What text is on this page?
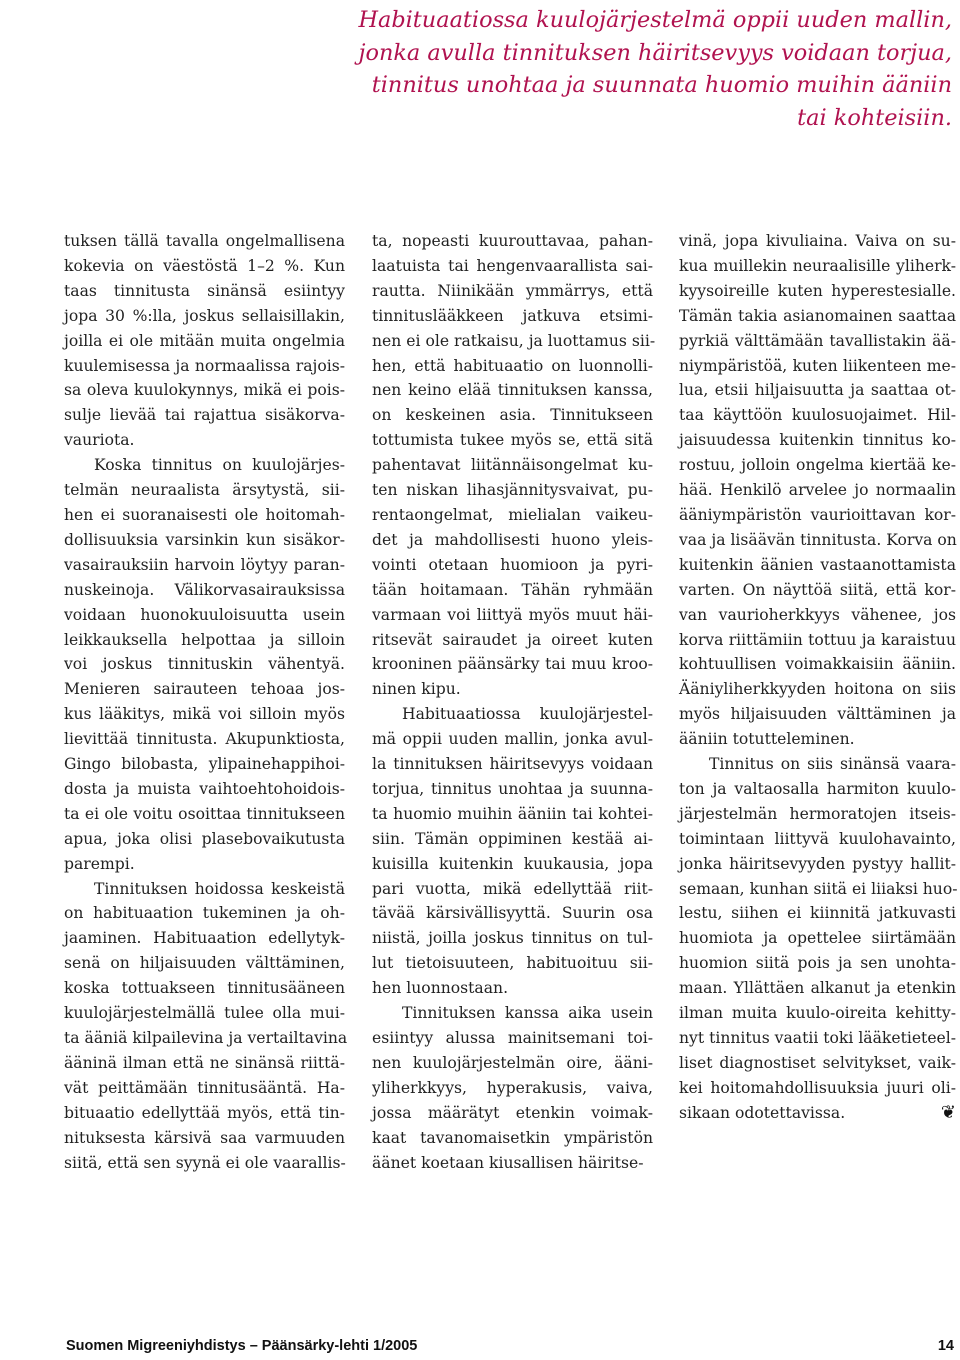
Habituaatiossa kuulojärjestelmä oppii uuden mallin,
jonka avulla tinnituksen häiritsevyys voidaan torjua,
tinnitus unohtaa ja suunnata huomio muihin ääniin
tai kohteisiin.

tuksen tällä tavalla ongelmallisena
kokevia on väestöstä 1–2 %. Kun
taas tinnitusta sinänsä esiintyy
jopa 30 %:lla, joskus sellaisillakin,
joilla ei ole mitään muita ongelmia
kuulemisessa ja normaalissa rajois-
sa oleva kuulokynnys, mikä ei pois-
sulje lievää tai rajattua sisäkorva-
vauriota.

Koska tinnitus on kuulojärjes-
telmän neuraalista ärsytystä, sii-
hen ei suoranaisesti ole hoitomah-
dollisuuksia varsinkin kun sisäkor-
vasairauksiin harvoin löytyy paran-
nuskeinoja. Välikorvasairauksissa
voidaan huonokuuloisuutta usein
leikkauksella helpottaa ja silloin
voi joskus tinnituskin vähentyä.
Menieren sairauteen tehoaa jos-
kus lääkitys, mikä voi silloin myös
lievittää tinnitusta. Akupunktiosta,
Gingo bilobasta, ylipainehappihoi-
dosta ja muista vaihtoehtohoidois-
ta ei ole voitu osoittaa tinnitukseen
apua, joka olisi plasebovaikutusta
parempi.

Tinnituksen hoidossa keskeistä
on habituaation tukeminen ja oh-
jaaminen. Habituaation edellytyk-
senä on hiljaisuuden välttäminen,
koska tottuakseen tinnitusääneen
kuulojärjestelmällä tulee olla mui-
ta ääniä kilpailevina ja vertailtavina
ääninä ilman että ne sinänsä riittä-
vät peittämään tinnitusääntä. Ha-
bituaatio edellyttää myös, että tin-
nituksesta kärsivä saa varmuuden
siitä, että sen syynä ei ole vaarallis-

ta, nopeasti kuurouttavaa, pahan-
laatuista tai hengenvaarallista sai-
rautta. Niinikään ymmärrys, että
tinnituslääkkeen jatkuva etsimi-
nen ei ole ratkaisu, ja luottamus sii-
hen, että habituaatio on luonnolli-
nen keino elää tinnituksen kanssa,
on keskeinen asia. Tinnitukseen
tottumista tukee myös se, että sitä
pahentavat liitännäisongelmat ku-
ten niskan lihasjännitysvaivat, pu-
rentaongelmat, mielialan vaikeu-
det ja mahdollisesti huono yleis-
vointi otetaan huomioon ja pyri-
tään hoitamaan. Tähän ryhmään
varmaan voi liittyä myös muut häi-
ritsevät sairaudet ja oireet kuten
krooninen päänsärky tai muu kroo-
ninen kipu.

Habituaatiossa kuulojärjestel-
mä oppii uuden mallin, jonka avul-
la tinnituksen häiritsevyys voidaan
torjua, tinnitus unohtaa ja suunna-
ta huomio muihin ääniin tai kohtei-
siin. Tämän oppiminen kestää ai-
kuisilla kuitenkin kuukausia, jopa
pari vuotta, mikä edellyttää riit-
tävää kärsivällisyyttä. Suurin osa
niistä, joilla joskus tinnitus on tul-
lut tietoisuuteen, habituoituu sii-
hen luonnostaan.

Tinnituksen kanssa aika usein
esiintyy alussa mainitsemani toi-
nen kuulojärjestelmän oire, ääni-
yliherkkyys, hyperakusis, vaiva,
jossa määrätyt etenkin voimak-
kaat tavanomaisetkin ympäristön
äänet koetaan kiusallisen häiritse-

vinä, jopa kivuliaina. Vaiva on su-
kua muillekin neuraalisille yliherk-
kyysoireille kuten hyperestesialle.
Tämän takia asianomainen saattaa
pyrkiä välttämään tavallistakin ää-
niympäristöä, kuten liikenteen me-
lua, etsii hiljaisuutta ja saattaa ot-
taa käyttöön kuulosuojaimet. Hil-
jaisuudessa kuitenkin tinnitus ko-
rostuu, jolloin ongelma kiertää ke-
hää. Henkilö arvelee jo normaalin
ääniympäristön vaurioittavan kor-
vaa ja lisäävän tinnitusta. Korva on
kuitenkin äänien vastaanottamista
varten. On näyttöä siitä, että kor-
van vaurioherkkyys vähenee, jos
korva riittämiin tottuu ja karaistuu
kohtuullisen voimakkaisiin ääniin.
Ääniyliherkkyyden hoitona on siis
myös hiljaisuuden välttäminen ja
ääniin totutteleminen.

Tinnitus on siis sinänsä vaara-
ton ja valtaosalla harmiton kuulo-
järjestelmän hermoratojen itseis-
toimintaan liittyvä kuulohavainto,
jonka häiritsevyyden pystyy hallit-
semaan, kunhan siitä ei liiaksi huo-
lestu, siihen ei kiinnitä jatkuvasti
huomiota ja opettelee siirtämään
huomion siitä pois ja sen unohta-
maan. Yllättäen alkanut ja etenkin
ilman muita kuulo-oireita kehitty-
nyt tinnitus vaatii toki lääketieteel-
liset diagnostiset selvitykset, vaik-
kei hoitomahdollisuuksia juuri oli-
❦
sikaan odotettavissa.

Suomen Migreeniyhdistys – Päänsärky-lehti 1/2005	14
